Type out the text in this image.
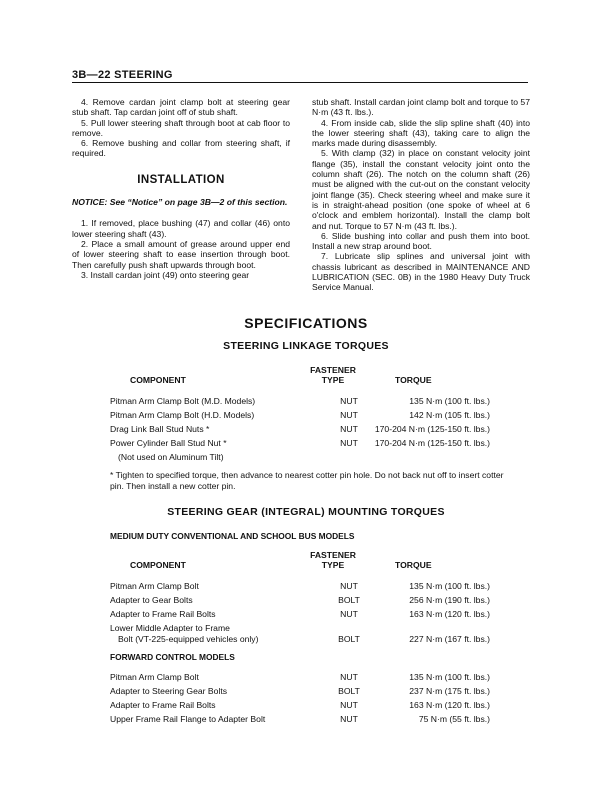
3B—22 STEERING

4. Remove cardan joint clamp bolt at steering gear stub shaft. Tap cardan joint off of stub shaft.

5. Pull lower steering shaft through boot at cab floor to remove.

6. Remove bushing and collar from steering shaft, if required.

INSTALLATION

NOTICE: See “Notice” on page 3B—2 of this section.

1. If removed, place bushing (47) and collar (46) onto lower steering shaft (43).

2. Place a small amount of grease around upper end of lower steering shaft to ease insertion through boot. Then carefully push shaft upwards through boot.

3. Install cardan joint (49) onto steering gear

stub shaft. Install cardan joint clamp bolt and torque to 57 N·m (43 ft. lbs.).

4. From inside cab, slide the slip spline shaft (40) into the lower steering shaft (43), taking care to align the marks made during disassembly.

5. With clamp (32) in place on constant velocity joint flange (35), install the constant velocity joint onto the column shaft (26). The notch on the column shaft (26) must be aligned with the cut-out on the constant velocity joint flange (35). Check steering wheel and make sure it is in straight-ahead position (one spoke of wheel at 6 o'clock and emblem horizontal). Install the clamp bolt and nut. Torque to 57 N·m (43 ft. lbs.).

6. Slide bushing into collar and push them into boot. Install a new strap around boot.

7. Lubricate slip splines and universal joint with chassis lubricant as described in MAINTENANCE AND LUBRICATION (SEC. 0B) in the 1980 Heavy Duty Truck Service Manual.

SPECIFICATIONS
STEERING LINKAGE TORQUES
FASTENER
TYPE
COMPONENT	TORQUE
Pitman Arm Clamp Bolt (M.D. Models)	NUT	135 N·m (100 ft. lbs.)
Pitman Arm Clamp Bolt (H.D. Models)	NUT	142 N·m (105 ft. lbs.)
Drag Link Ball Stud Nuts *	NUT	170-204 N·m (125-150 ft. lbs.)
Power Cylinder Ball Stud Nut *	NUT	170-204 N·m (125-150 ft. lbs.)
(Not used on Aluminum Tilt)
* Tighten to specified torque, then advance to nearest cotter pin hole. Do not back nut off to insert cotter pin. Then install a new cotter pin.
STEERING GEAR (INTEGRAL) MOUNTING TORQUES
MEDIUM DUTY CONVENTIONAL AND SCHOOL BUS MODELS
FASTENER
TYPE
COMPONENT	TORQUE
Pitman Arm Clamp Bolt	NUT	135 N·m (100 ft. lbs.)
Adapter to Gear Bolts	BOLT	256 N·m (190 ft. lbs.)
Adapter to Frame Rail Bolts	NUT	163 N·m (120 ft. lbs.)
Lower Middle Adapter to Frame
Bolt (VT-225-equipped vehicles only)	BOLT	227 N·m (167 ft. lbs.)
FORWARD CONTROL MODELS
Pitman Arm Clamp Bolt	NUT	135 N·m (100 ft. lbs.)
Adapter to Steering Gear Bolts	BOLT	237 N·m (175 ft. lbs.)
Adapter to Frame Rail Bolts	NUT	163 N·m (120 ft. lbs.)
Upper Frame Rail Flange to Adapter Bolt	NUT	75 N·m (55 ft. lbs.)
